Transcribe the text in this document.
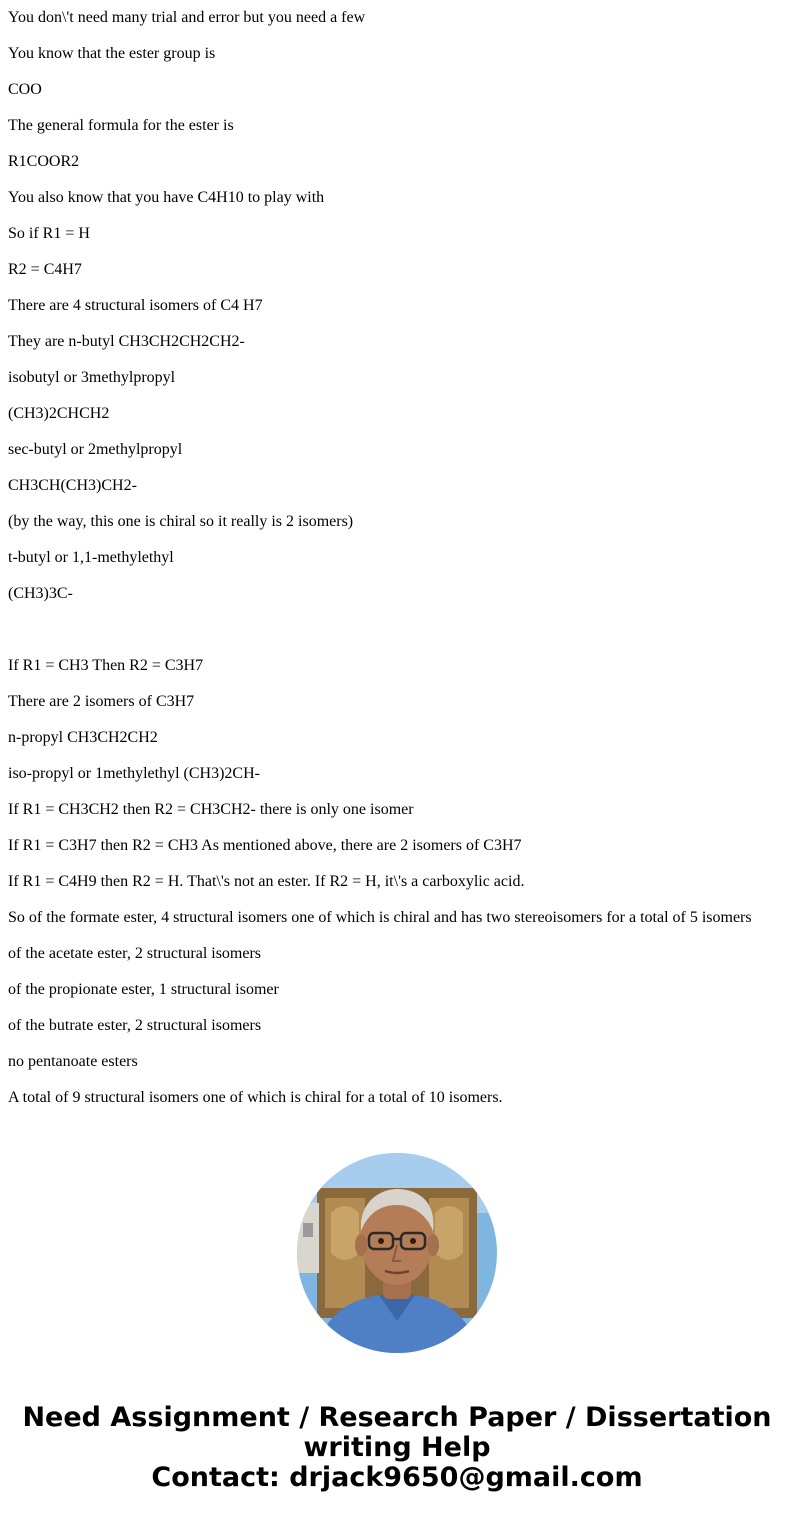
You don\'t need many trial and error but you need a few
You know that the ester group is
COO
The general formula for the ester is
R1COOR2
You also know that you have C4H10 to play with
So if R1 = H
R2 = C4H7
There are 4 structural isomers of C4 H7
They are n-butyl CH3CH2CH2CH2-
isobutyl or 3methylpropyl
(CH3)2CHCH2
sec-butyl or 2methylpropyl
CH3CH(CH3)CH2-
(by the way, this one is chiral so it really is 2 isomers)
t-butyl or 1,1-methylethyl
(CH3)3C-
If R1 = CH3 Then R2 = C3H7
There are 2 isomers of C3H7
n-propyl CH3CH2CH2
iso-propyl or 1methylethyl (CH3)2CH-
If R1 = CH3CH2 then R2 = CH3CH2- there is only one isomer
If R1 = C3H7 then R2 = CH3 As mentioned above, there are 2 isomers of C3H7
If R1 = C4H9 then R2 = H. That\'s not an ester. If R2 = H, it\'s a carboxylic acid.
So of the formate ester, 4 structural isomers one of which is chiral and has two stereoisomers for a total of 5 isomers
of the acetate ester, 2 structural isomers
of the propionate ester, 1 structural isomer
of the butrate ester, 2 structural isomers
no pentanoate esters
A total of 9 structural isomers one of which is chiral for a total of 10 isomers.
Need Assignment / Research Paper / Dissertation
writing Help
Contact: drjack9650@gmail.com
